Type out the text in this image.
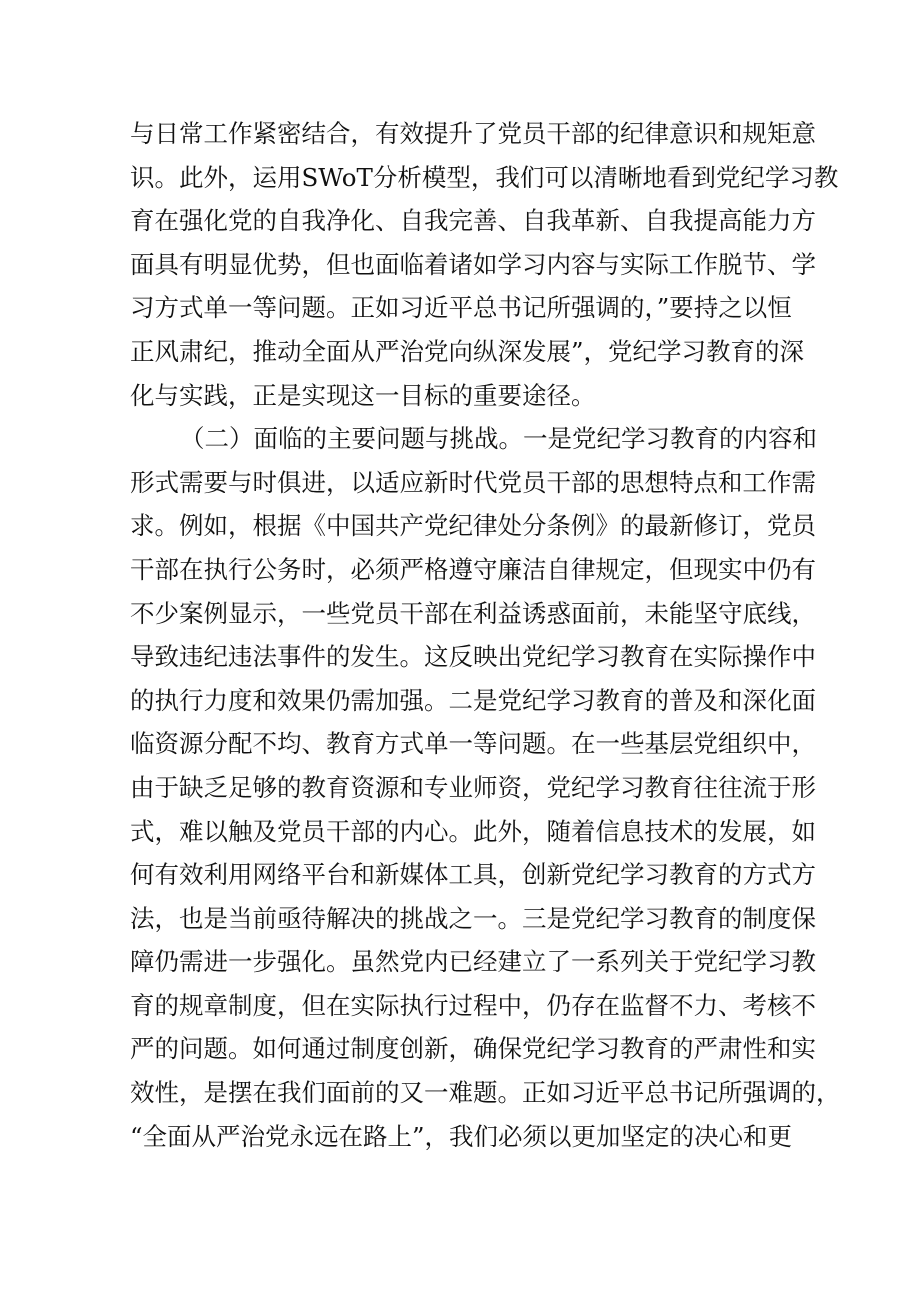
与日常工作紧密结合，有效提升了党员干部的纪律意识和规矩意
识。此外，运用SWoT分析模型，我们可以清晰地看到党纪学习教
育在强化党的自我净化、自我完善、自我革新、自我提高能力方
面具有明显优势，但也面临着诸如学习内容与实际工作脱节、学
习方式单一等问题。正如习近平总书记所强调的，”要持之以恒
正风肃纪，推动全面从严治党向纵深发展”，党纪学习教育的深
化与实践，正是实现这一目标的重要途径。
（二）面临的主要问题与挑战。一是党纪学习教育的内容和
形式需要与时俱进，以适应新时代党员干部的思想特点和工作需
求。例如，根据《中国共产党纪律处分条例》的最新修订，党员
干部在执行公务时，必须严格遵守廉洁自律规定，但现实中仍有
不少案例显示，一些党员干部在利益诱惑面前，未能坚守底线，
导致违纪违法事件的发生。这反映出党纪学习教育在实际操作中
的执行力度和效果仍需加强。二是党纪学习教育的普及和深化面
临资源分配不均、教育方式单一等问题。在一些基层党组织中，
由于缺乏足够的教育资源和专业师资，党纪学习教育往往流于形
式，难以触及党员干部的内心。此外，随着信息技术的发展，如
何有效利用网络平台和新媒体工具，创新党纪学习教育的方式方
法，也是当前亟待解决的挑战之一。三是党纪学习教育的制度保
障仍需进一步强化。虽然党内已经建立了一系列关于党纪学习教
育的规章制度，但在实际执行过程中，仍存在监督不力、考核不
严的问题。如何通过制度创新，确保党纪学习教育的严肃性和实
效性，是摆在我们面前的又一难题。正如习近平总书记所强调的，
“全面从严治党永远在路上”，我们必须以更加坚定的决心和更
